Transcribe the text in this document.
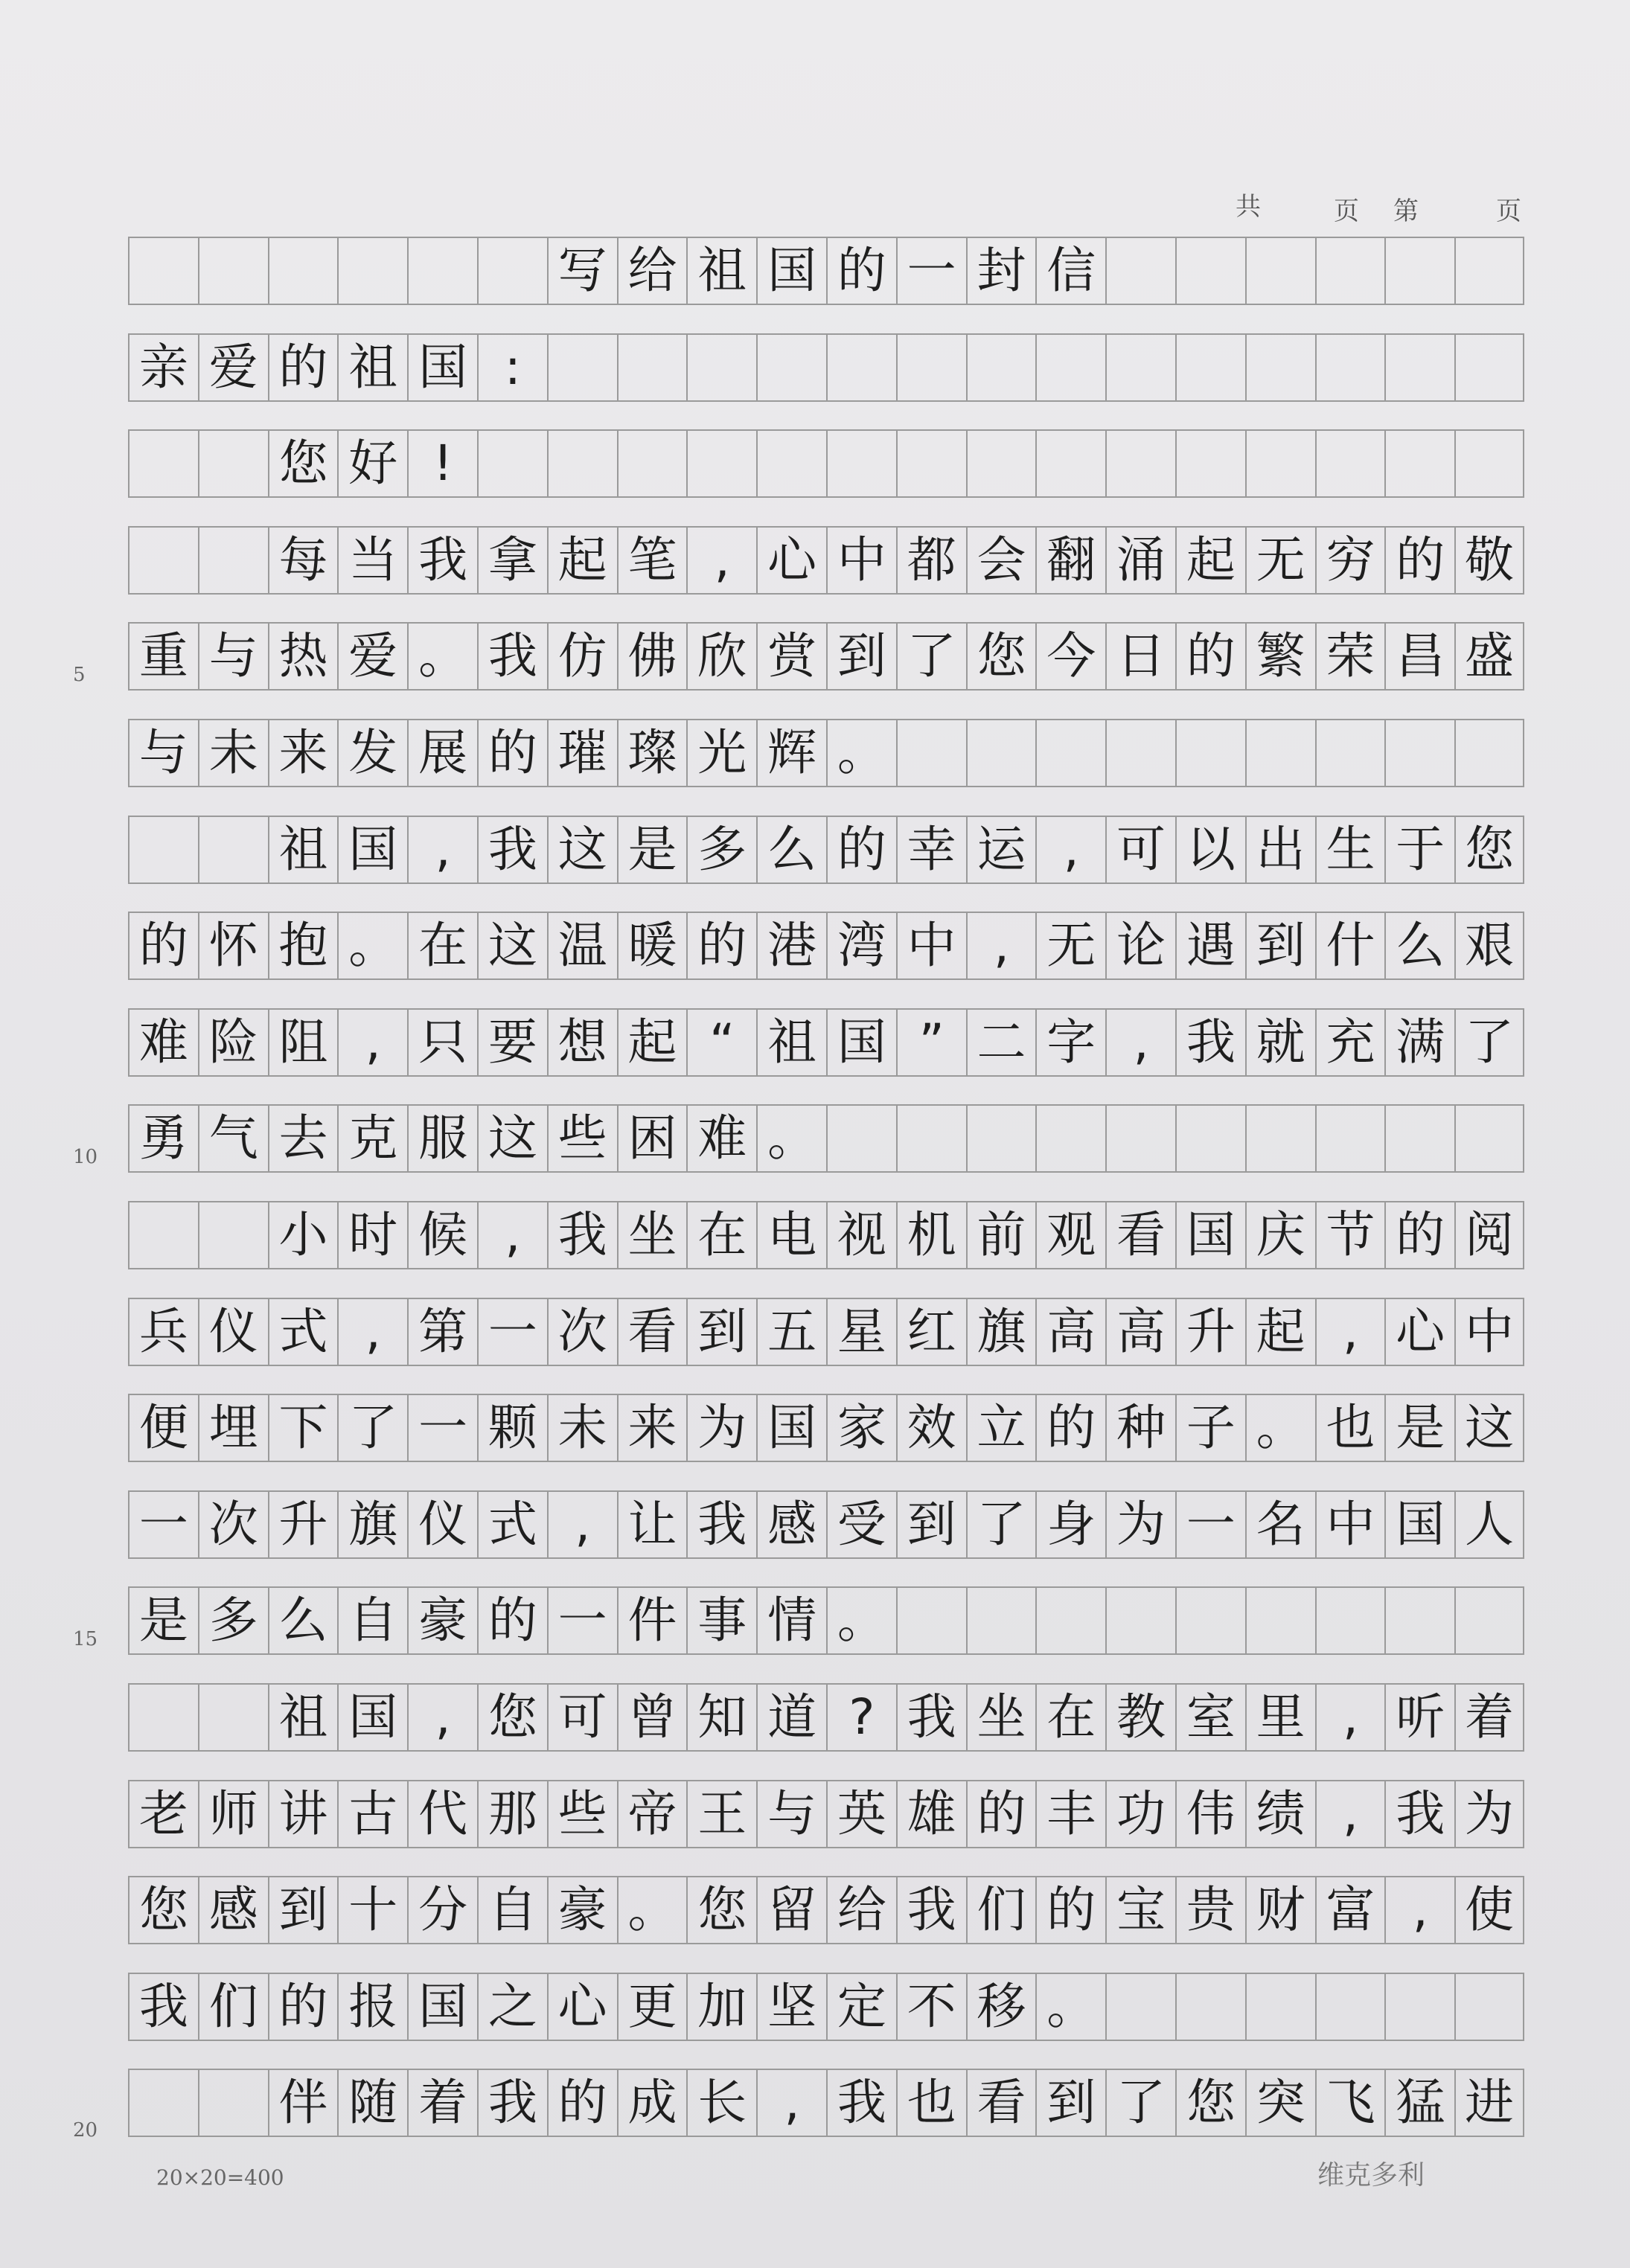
共	页 第	页
写 给 祖 国 的 一 封 信
亲 爱 的 祖 国 :
您 好 !
每 当 我 拿 起 笔 , 心 中 都 会 翻 涌 起 无 穷 的 敬
重 与 热 爱 。 我 仿 佛 欣 赏 到 了 您 今 日 的 繁 荣 昌 盛
与 未 来 发 展 的 璀 璨 光 辉 。
祖 国 , 我 这 是 多 么 的 幸 运 , 可 以 出 生 于 您
的 怀 抱 。 在 这 温 暖 的 港 湾 中 , 无 论 遇 到 什 么 艰
难 险 阻 , 只 要 想 起 “ 祖 国 ” 二 字 , 我 就 充 满 了
勇 气 去 克 服 这 些 困 难 。
小 时 候 , 我 坐 在 电 视 机 前 观 看 国 庆 节 的 阅
兵 仪 式 , 第 一 次 看 到 五 星 红 旗 高 高 升 起 , 心 中
便 埋 下 了 一 颗 未 来 为 国 家 效 立 的 种 子 。 也 是 这
一 次 升 旗 仪 式 , 让 我 感 受 到 了 身 为 一 名 中 国 人
是 多 么 自 豪 的 一 件 事 情 。
祖 国 , 您 可 曾 知 道 ? 我 坐 在 教 室 里 , 听 着
老 师 讲 古 代 那 些 帝 王 与 英 雄 的 丰 功 伟 绩 , 我 为
您 感 到 十 分 自 豪 。 您 留 给 我 们 的 宝 贵 财 富 , 使
我 们 的 报 国 之 心 更 加 坚 定 不 移 。
伴 随 着 我 的 成 长 , 我 也 看 到 了 您 突 飞 猛 进
5
10
15
20
20×20=400	维克多利
